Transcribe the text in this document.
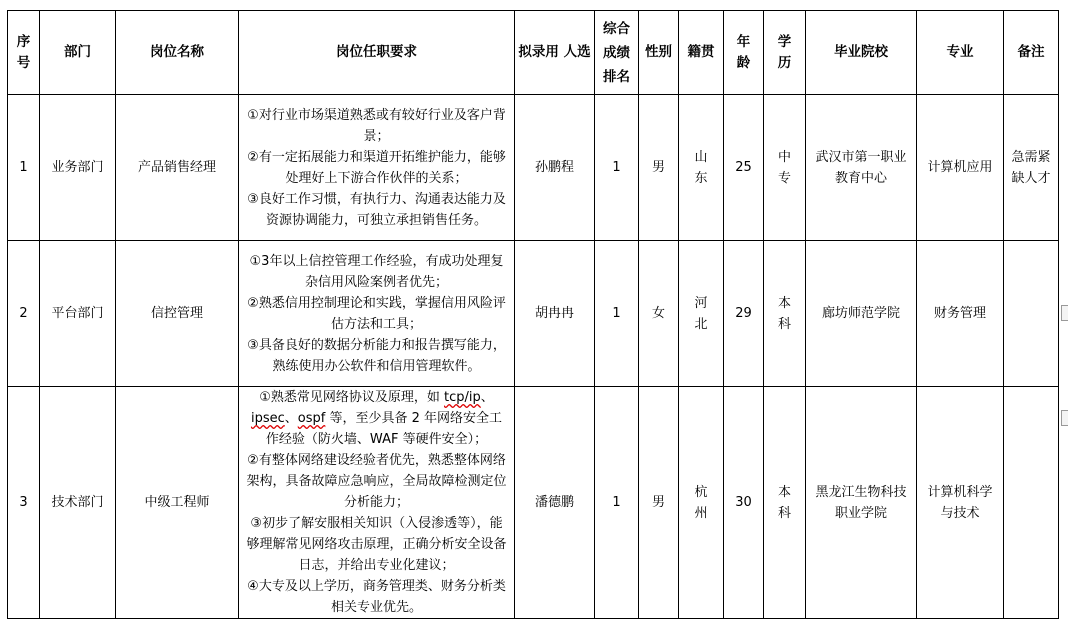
序号	部门	岗位名称	岗位任职要求	拟录用 人选	综合成绩排名	性别	籍贯	年龄	学历	毕业院校	专业	备注
1	业务部门	产品销售经理	①对行业市场渠道熟悉或有较好行业及客户背景；
②有一定拓展能力和渠道开拓维护能力，能够处理好上下游合作伙伴的关系；
③良好工作习惯，有执行力、沟通表达能力及资源协调能力，可独立承担销售任务。	孙鹏程	1	男	山东	25	中专	武汉市第一职业教育中心	计算机应用	急需紧缺人才
2	平台部门	信控管理	①3年以上信控管理工作经验，有成功处理复杂信用风险案例者优先；
②熟悉信用控制理论和实践，掌握信用风险评估方法和工具；
③具备良好的数据分析能力和报告撰写能力，熟练使用办公软件和信用管理软件。	胡冉冉	1	女	河北	29	本科	廊坊师范学院	财务管理	
3	技术部门	中级工程师	①熟悉常见网络协议及原理，如 tcp/ip、ipsec、ospf 等，至少具备 2 年网络安全工作经验（防火墙、WAF 等硬件安全）；
②有整体网络建设经验者优先，熟悉整体网络架构，具备故障应急响应，全局故障检测定位分析能力；
③初步了解安服相关知识（入侵渗透等），能够理解常见网络攻击原理，正确分析安全设备日志，并给出专业化建议；
④大专及以上学历，商务管理类、财务分析类相关专业优先。	潘德鹏	1	男	杭州	30	本科	黑龙江生物科技职业学院	计算机科学与技术	
